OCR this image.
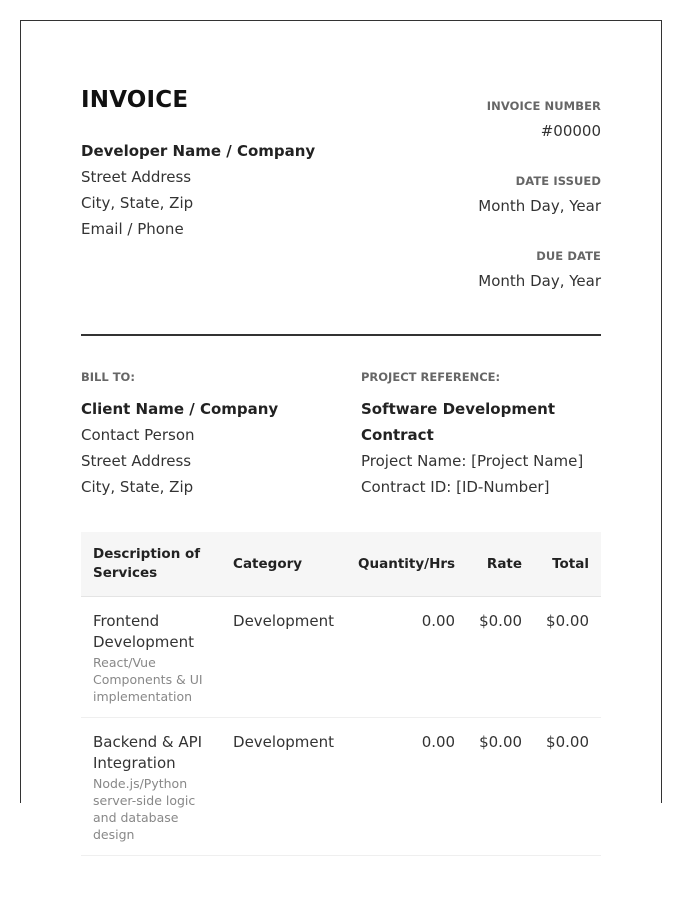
INVOICE
Developer Name / Company
Street Address
City, State, Zip
Email / Phone
INVOICE NUMBER
#00000
DATE ISSUED
Month Day, Year
DUE DATE
Month Day, Year
BILL TO:
Client Name / Company
Contact Person
Street Address
City, State, Zip
PROJECT REFERENCE:
Software Development Contract
Project Name: [Project Name]
Contract ID: [ID-Number]
Description of Services	Category	Quantity/Hrs	Rate	Total

Frontend Development
React/Vue Components & UI implementation	Development	0.00	$0.00	$0.00

Backend & API Integration
Node.js/Python server-side logic and database design	Development	0.00	$0.00	$0.00
